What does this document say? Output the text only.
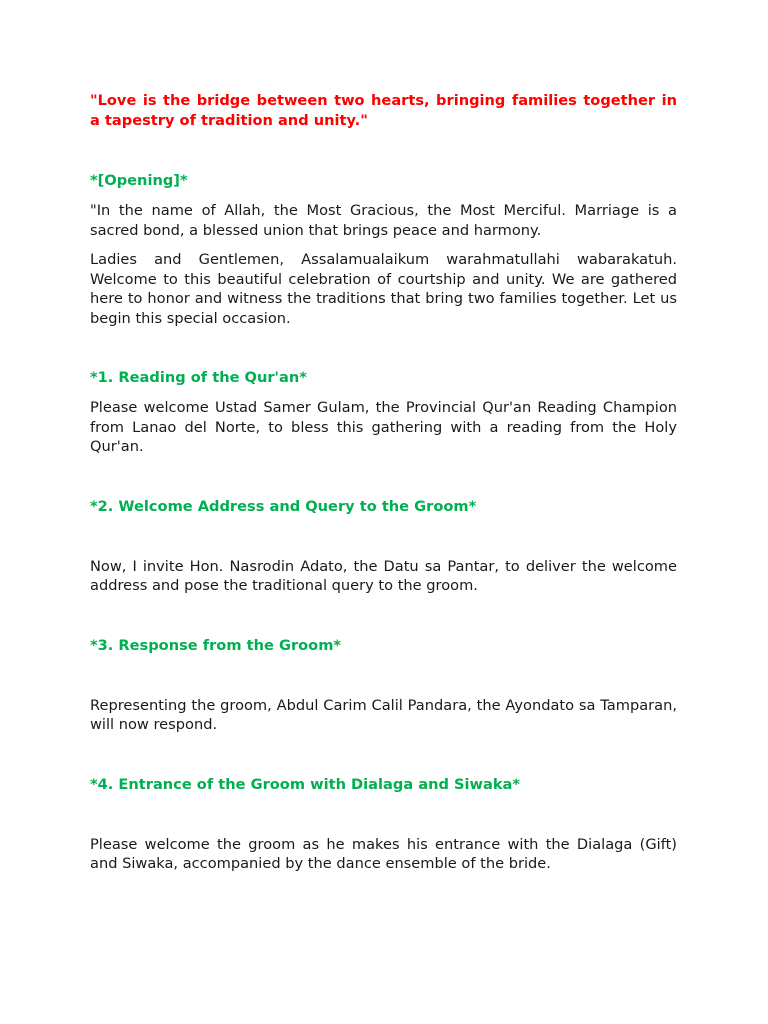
"Love is the bridge between two hearts, bringing families together in a tapestry of tradition and unity."

*[Opening]*

"In the name of Allah, the Most Gracious, the Most Merciful. Marriage is a sacred bond, a blessed union that brings peace and harmony.

Ladies and Gentlemen, Assalamualaikum warahmatullahi wabarakatuh. Welcome to this beautiful celebration of courtship and unity. We are gathered here to honor and witness the traditions that bring two families together. Let us begin this special occasion.

*1. Reading of the Qur'an*

Please welcome Ustad Samer Gulam, the Provincial Qur'an Reading Champion from Lanao del Norte, to bless this gathering with a reading from the Holy Qur'an.

*2. Welcome Address and Query to the Groom*

Now, I invite Hon. Nasrodin Adato, the Datu sa Pantar, to deliver the welcome address and pose the traditional query to the groom.

*3. Response from the Groom*

Representing the groom, Abdul Carim Calil Pandara, the Ayondato sa Tamparan, will now respond.

*4. Entrance of the Groom with Dialaga and Siwaka*

Please welcome the groom as he makes his entrance with the Dialaga (Gift) and Siwaka, accompanied by the dance ensemble of the bride.
